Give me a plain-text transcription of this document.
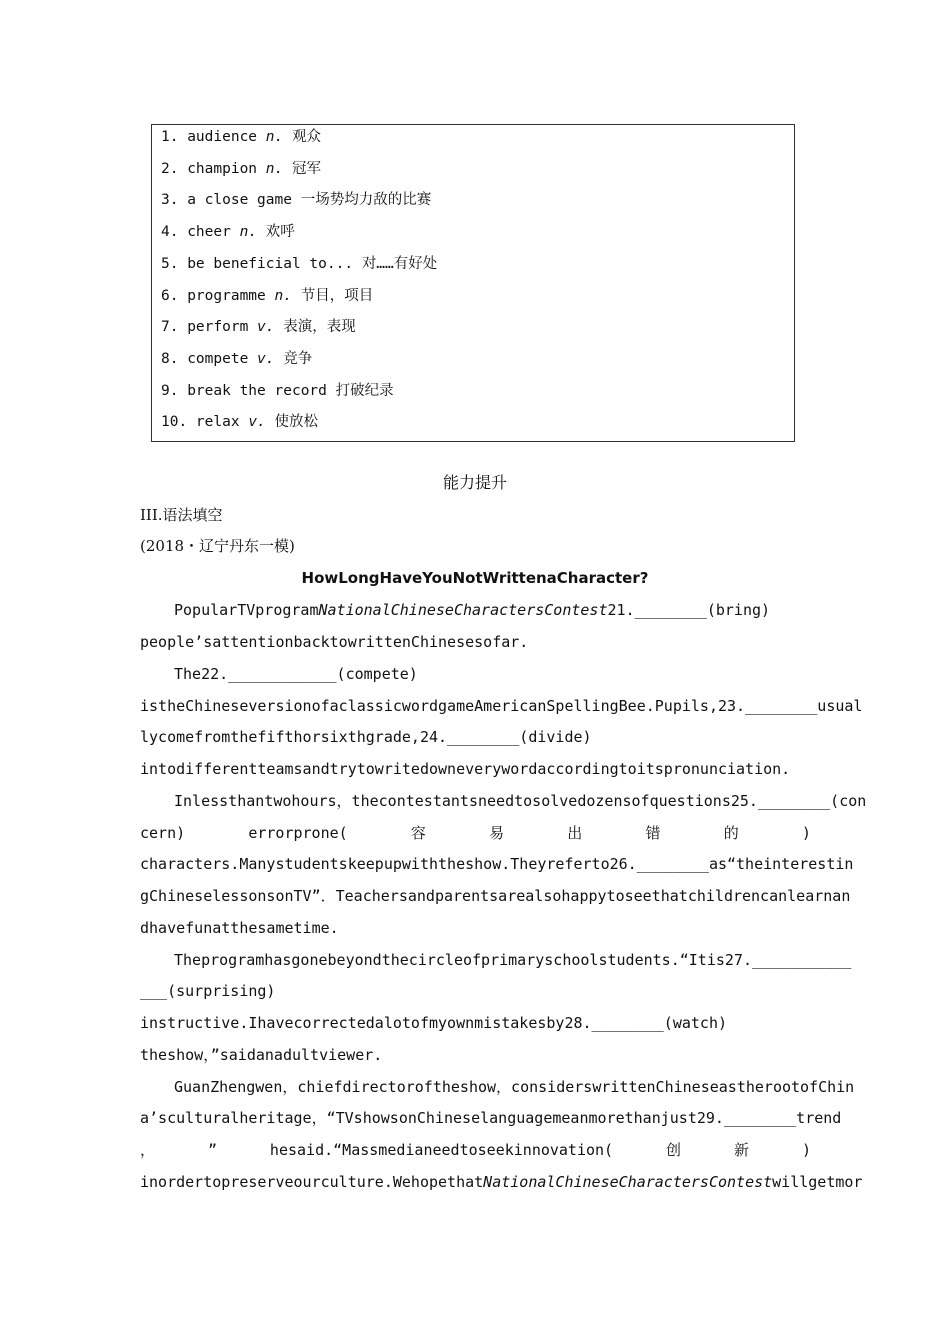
1. audience n. 观众
2. champion n. 冠军
3. a close game 一场势均力敌的比赛
4. cheer n. 欢呼
5. be beneficial to... 对……有好处
6. programme n. 节目，项目
7. perform v. 表演，表现
8. compete v. 竞争
9. break the record 打破纪录
10. relax v. 使放松
能力提升
III.语法填空
(2018・辽宁丹东一模)
HowLongHaveYouNotWrittenaCharacter?
PopularTVprogramNationalChineseCharactersContest21.________(bring)
people’sattentionbacktowrittenChinesesofar.
The22.____________(compete)
istheChineseversionofaclassicwordgameAmericanSpellingBee.Pupils,23.________usual
lycomefromthefifthorsixthgrade,24.________(divide)
intodifferentteamsandtrytowritedowneverywordaccordingtoitspronunciation.
Inlessthantwohours，thecontestantsneedtosolvedozensofquestions25.________(con
cern)	errorprone(	容	易	出	错	的	)
characters.Manystudentskeepupwiththeshow.Theyreferto26.________as“theinterestin
gChineselessonsonTV”．Teachersandparentsarealsohappytoseethatchildrencanlearnan
dhavefunatthesametime.
Theprogramhasgonebeyondthecircleofprimaryschoolstudents.“Itis27.___________
___(surprising)
instructive.Ihavecorrectedalotofmyownmistakesby28.________(watch)
theshow，”saidanadultviewer.
GuanZhengwen，chiefdirectoroftheshow，considerswrittenChineseastherootofChin
a’sculturalheritage，“TVshowsonChineselanguagemeanmorethanjust29.________trend
，	”	hesaid.“Massmedianeedtoseekinnovation(	创	新	)
inordertopreserveourculture.WehopethatNationalChineseCharactersContestwillgetmor
